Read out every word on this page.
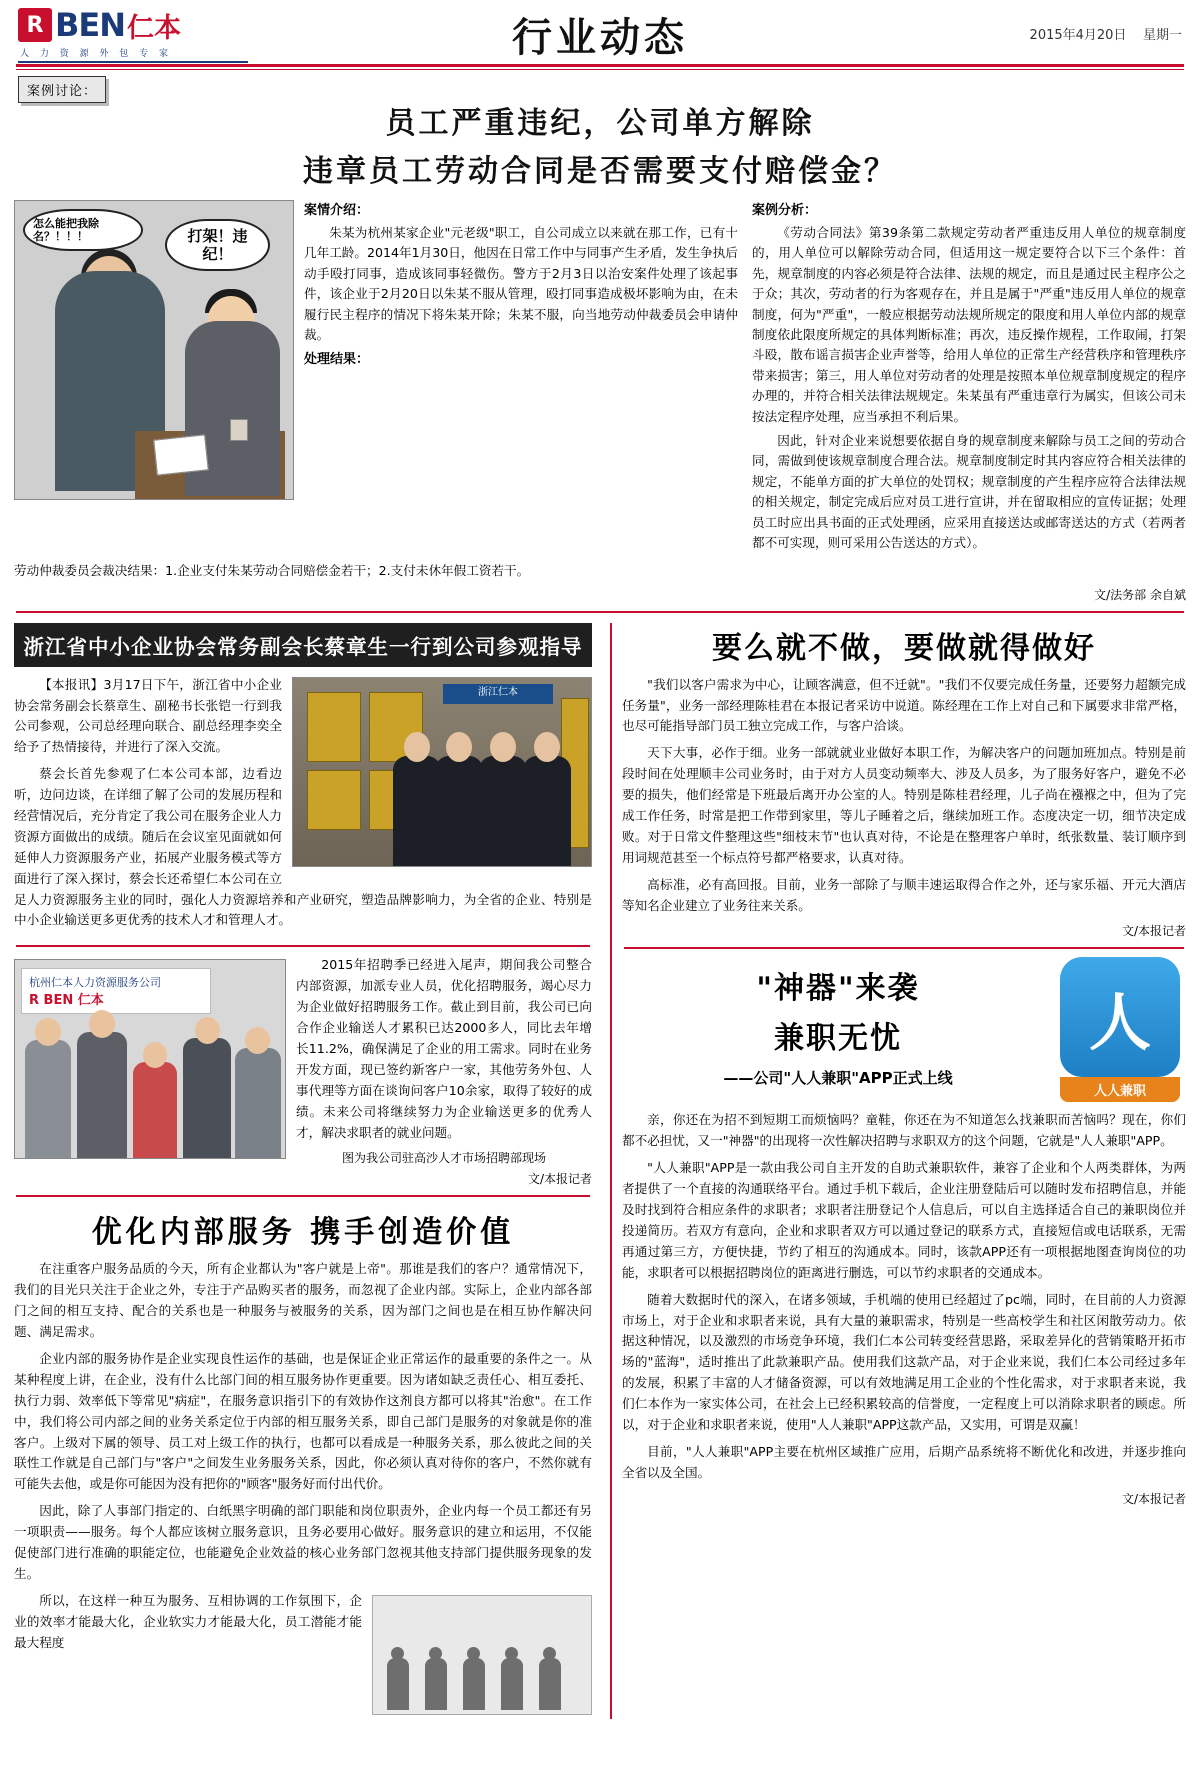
R BEN 仁本
人 力 资 源 外 包 专 家	行业动态	2015年4月20日 星期一
案例讨论：
员工严重违纪，公司单方解除
违章员工劳动合同是否需要支付赔偿金？
怎么能把我除名？！！！	打架！违纪！
案情介绍：

朱某为杭州某家企业"元老级"职工，自公司成立以来就在那工作，已有十几年工龄。2014年1月30日，他因在日常工作中与同事产生矛盾，发生争执后动手殴打同事，造成该同事轻微伤。警方于2月3日以治安案件处理了该起事件，该企业于2月20日以朱某不服从管理，殴打同事造成极坏影响为由，在未履行民主程序的情况下将朱某开除；朱某不服，向当地劳动仲裁委员会申请仲裁。

处理结果：
案例分析：

《劳动合同法》第39条第二款规定劳动者严重违反用人单位的规章制度的，用人单位可以解除劳动合同，但适用这一规定要符合以下三个条件：首先，规章制度的内容必须是符合法律、法规的规定，而且是通过民主程序公之于众；其次，劳动者的行为客观存在，并且是属于"严重"违反用人单位的规章制度，何为"严重"，一般应根据劳动法规所规定的限度和用人单位内部的规章制度依此限度所规定的具体判断标准；再次，违反操作规程，工作取闹，打架斗殴，散布谣言损害企业声誉等，给用人单位的正常生产经营秩序和管理秩序带来损害；第三，用人单位对劳动者的处理是按照本单位规章制度规定的程序办理的，并符合相关法律法规规定。朱某虽有严重违章行为属实，但该公司未按法定程序处理，应当承担不利后果。

因此，针对企业来说想要依据自身的规章制度来解除与员工之间的劳动合同，需做到使该规章制度合理合法。规章制度制定时其内容应符合相关法律的规定，不能单方面的扩大单位的处罚权；规章制度的产生程序应符合法律法规的相关规定，制定完成后应对员工进行宣讲，并在留取相应的宣传证据；处理员工时应出具书面的正式处理函，应采用直接送达或邮寄送达的方式（若两者都不可实现，则可采用公告送达的方式）。

劳动仲裁委员会裁决结果：1.企业支付朱某劳动合同赔偿金若干；2.支付未休年假工资若干。
文/法务部 余自斌
浙江省中小企业协会常务副会长蔡章生一行到公司参观指导
浙江仁本

【本报讯】3月17日下午，浙江省中小企业协会常务副会长蔡章生、副秘书长张铠一行到我公司参观，公司总经理向联合、副总经理李奕全给予了热情接待，并进行了深入交流。

蔡会长首先参观了仁本公司本部，边看边听，边问边谈，在详细了解了公司的发展历程和经营情况后，充分肯定了我公司在服务企业人力资源方面做出的成绩。随后在会议室见面就如何延伸人力资源服务产业，拓展产业服务模式等方面进行了深入探讨，蔡会长还希望仁本公司在立足人力资源服务主业的同时，强化人力资源培养和产业研究，塑造品牌影响力，为全省的企业、特别是中小企业输送更多更优秀的技术人才和管理人才。

杭州仁本人力资源服务公司
R BEN 仁本

2015年招聘季已经进入尾声，期间我公司整合内部资源，加派专业人员，优化招聘服务，竭心尽力为企业做好招聘服务工作。截止到目前，我公司已向合作企业输送人才累积已达2000多人，同比去年增长11.2%，确保满足了企业的用工需求。同时在业务开发方面，现已签约新客户一家，其他劳务外包、人事代理等方面在谈询问客户10余家，取得了较好的成绩。未来公司将继续努力为企业输送更多的优秀人才，解决求职者的就业问题。

图为我公司驻高沙人才市场招聘部现场
文/本报记者
优化内部服务 携手创造价值

在注重客户服务品质的今天，所有企业都认为"客户就是上帝"。那谁是我们的客户？通常情况下，我们的目光只关注于企业之外，专注于产品购买者的服务，而忽视了企业内部。实际上，企业内部各部门之间的相互支持、配合的关系也是一种服务与被服务的关系，因为部门之间也是在相互协作解决问题、满足需求。

企业内部的服务协作是企业实现良性运作的基础，也是保证企业正常运作的最重要的条件之一。从某种程度上讲，在企业，没有什么比部门间的相互服务协作更重要。因为诸如缺乏责任心、相互委托、执行力弱、效率低下等常见"病症"，在服务意识指引下的有效协作这剂良方都可以将其"治愈"。在工作中，我们将公司内部之间的业务关系定位于内部的相互服务关系，即自己部门是服务的对象就是你的准客户。上级对下属的领导、员工对上级工作的执行，也都可以看成是一种服务关系，那么彼此之间的关联性工作就是自己部门与"客户"之间发生业务服务关系，因此，你必须认真对待你的客户，不然你就有可能失去他，或是你可能因为没有把你的"顾客"服务好而付出代价。

因此，除了人事部门指定的、白纸黑字明确的部门职能和岗位职责外，企业内每一个员工都还有另一项职责——服务。每个人都应该树立服务意识，且务必要用心做好。服务意识的建立和运用，不仅能促使部门进行准确的职能定位，也能避免企业效益的核心业务部门忽视其他支持部门提供服务现象的发生。

所以，在这样一种互为服务、互相协调的工作氛围下，企业的效率才能最大化，企业软实力才能最大化，员工潜能才能最大程度

要么就不做，要做就得做好

"我们以客户需求为中心，让顾客满意，但不迁就"。"我们不仅要完成任务量，还要努力超额完成任务量"，业务一部经理陈桂君在本报记者采访中说道。陈经理在工作上对自己和下属要求非常严格，也尽可能指导部门员工独立完成工作，与客户洽谈。

天下大事，必作于细。业务一部就就业业做好本职工作，为解决客户的问题加班加点。特别是前段时间在处理顺丰公司业务时，由于对方人员变动频率大、涉及人员多，为了服务好客户，避免不必要的损失，他们经常是下班最后离开办公室的人。特别是陈桂君经理，儿子尚在襁褓之中，但为了完成工作任务，时常是把工作带到家里，等儿子睡着之后，继续加班工作。态度决定一切，细节决定成败。对于日常文件整理这些"细枝末节"也认真对待，不论是在整理客户单时，纸张数量、装订顺序到用词规范甚至一个标点符号都严格要求，认真对待。

高标准，必有高回报。目前，业务一部除了与顺丰速运取得合作之外，还与家乐福、开元大酒店等知名企业建立了业务往来关系。

文/本报记者
"神器"来袭
兼职无忧
——公司"人人兼职"APP正式上线
人
人人兼职

亲，你还在为招不到短期工而烦恼吗？童鞋，你还在为不知道怎么找兼职而苦恼吗？现在，你们都不必担忧，又一"神器"的出现将一次性解决招聘与求职双方的这个问题，它就是"人人兼职"APP。

"人人兼职"APP是一款由我公司自主开发的自助式兼职软件，兼容了企业和个人两类群体，为两者提供了一个直接的沟通联络平台。通过手机下载后，企业注册登陆后可以随时发布招聘信息，并能及时找到符合相应条件的求职者；求职者注册登记个人信息后，可以自主选择适合自己的兼职岗位并投递简历。若双方有意向，企业和求职者双方可以通过登记的联系方式，直接短信或电话联系，无需再通过第三方，方便快捷，节约了相互的沟通成本。同时，该款APP还有一项根据地图查询岗位的功能，求职者可以根据招聘岗位的距离进行删选，可以节约求职者的交通成本。

随着大数据时代的深入，在诸多领域，手机端的使用已经超过了pc端，同时，在目前的人力资源市场上，对于企业和求职者来说，具有大量的兼职需求，特别是一些高校学生和社区闲散劳动力。依据这种情况，以及激烈的市场竞争环境，我们仁本公司转变经营思路，采取差异化的营销策略开拓市场的"蓝海"，适时推出了此款兼职产品。使用我们这款产品，对于企业来说，我们仁本公司经过多年的发展，积累了丰富的人才储备资源，可以有效地满足用工企业的个性化需求，对于求职者来说，我们仁本作为一家实体公司，在社会上已经积累较高的信誉度，一定程度上可以消除求职者的顾虑。所以，对于企业和求职者来说，使用"人人兼职"APP这款产品，又实用，可谓是双赢！

目前，"人人兼职"APP主要在杭州区域推广应用，后期产品系统将不断优化和改进，并逐步推向全省以及全国。

文/本报记者
